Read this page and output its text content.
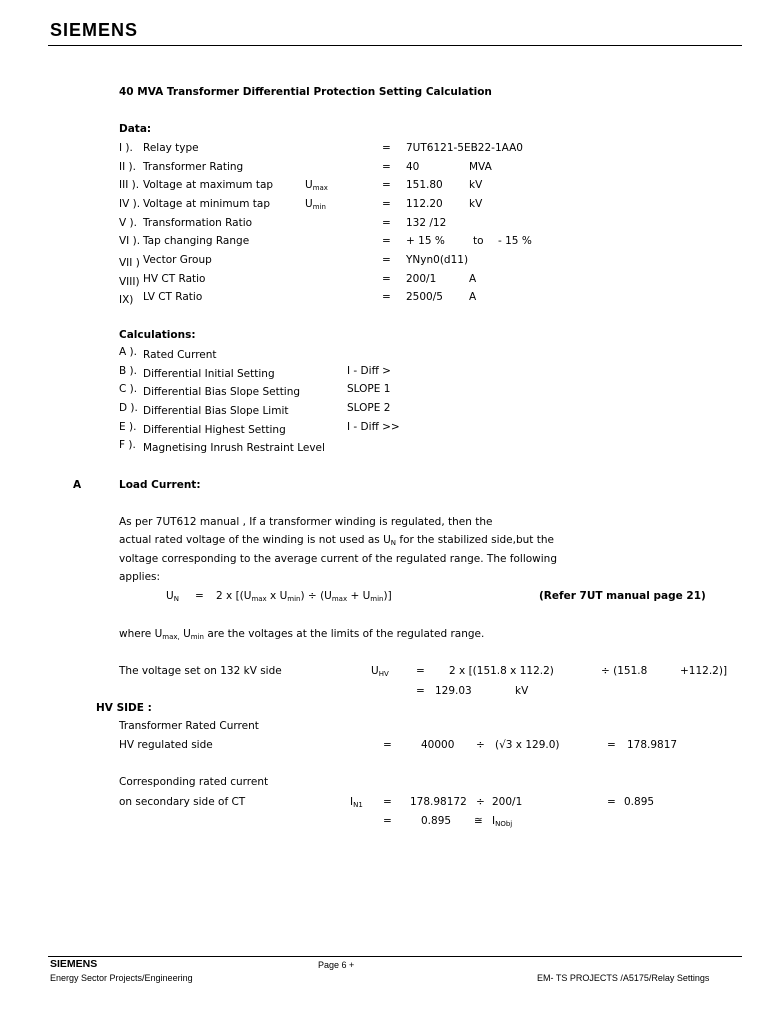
SIEMENS
40 MVA Transformer Differential Protection Setting Calculation
Data:
I ). Relay type	= 7UT6121-5EB22-1AA0
II ). Transformer Rating	= 40	MVA
III ). Voltage at maximum tap	$U_{max}$	= 151.80	kV
IV ). Voltage at minimum tap	$U_{min}$	= 112.20	kV
V ). Transformation Ratio	= 132 /12
VI ). Tap changing Range	= + 15 %	to - 15 %
VII ) Vector Group	= YNyn0(d11)
VIII) HV CT Ratio	= 200/1	A
IX) LV CT Ratio	= 2500/5 A
Calculations:
A ). Rated Current
B ). Differential Initial Setting	I - Diff >
C ). Differential Bias Slope Setting	SLOPE 1
D ). Differential Bias Slope Limit	SLOPE 2
E ). Differential Highest Setting	I - Diff >>
F ). Magnetising Inrush Restraint Level
A	Load Current:
As per 7UT612 manual , If a transformer winding is regulated, then the
actual rated voltage of the winding is not used as $U_N$ for the stabilized side,but the
voltage corresponding to the average current of the regulated range. The following
applies:
$U_N = 2$ x [($U_{max}$ x $U_{min}) \div (U_{max} + U_{min})$]	(Refer 7UT manual page 21)
where $U_{max,}$ $U_{min}$ are the voltages at the limits of the regulated range.
The voltage set on 132 kV side	$U_{HV}$	= 2 x [(151.8 x 112.2)	÷ (151.8	+112.2)]
= 129.03	kV
HV SIDE :
Transformer Rated Current
HV regulated side	=	40000 ÷ (√3 x 129.0)	= 178.9817
Corresponding rated current
on secondary side of CT	$I_{N1} = 178.98172 \div 200/1$	= 0.895
=	0.895 ≅ $I_{NObj}$
SIEMENS	Page 6 +
Energy Sector Projects/Engineering	EM- TS PROJECTS /A5175/Relay Settings
